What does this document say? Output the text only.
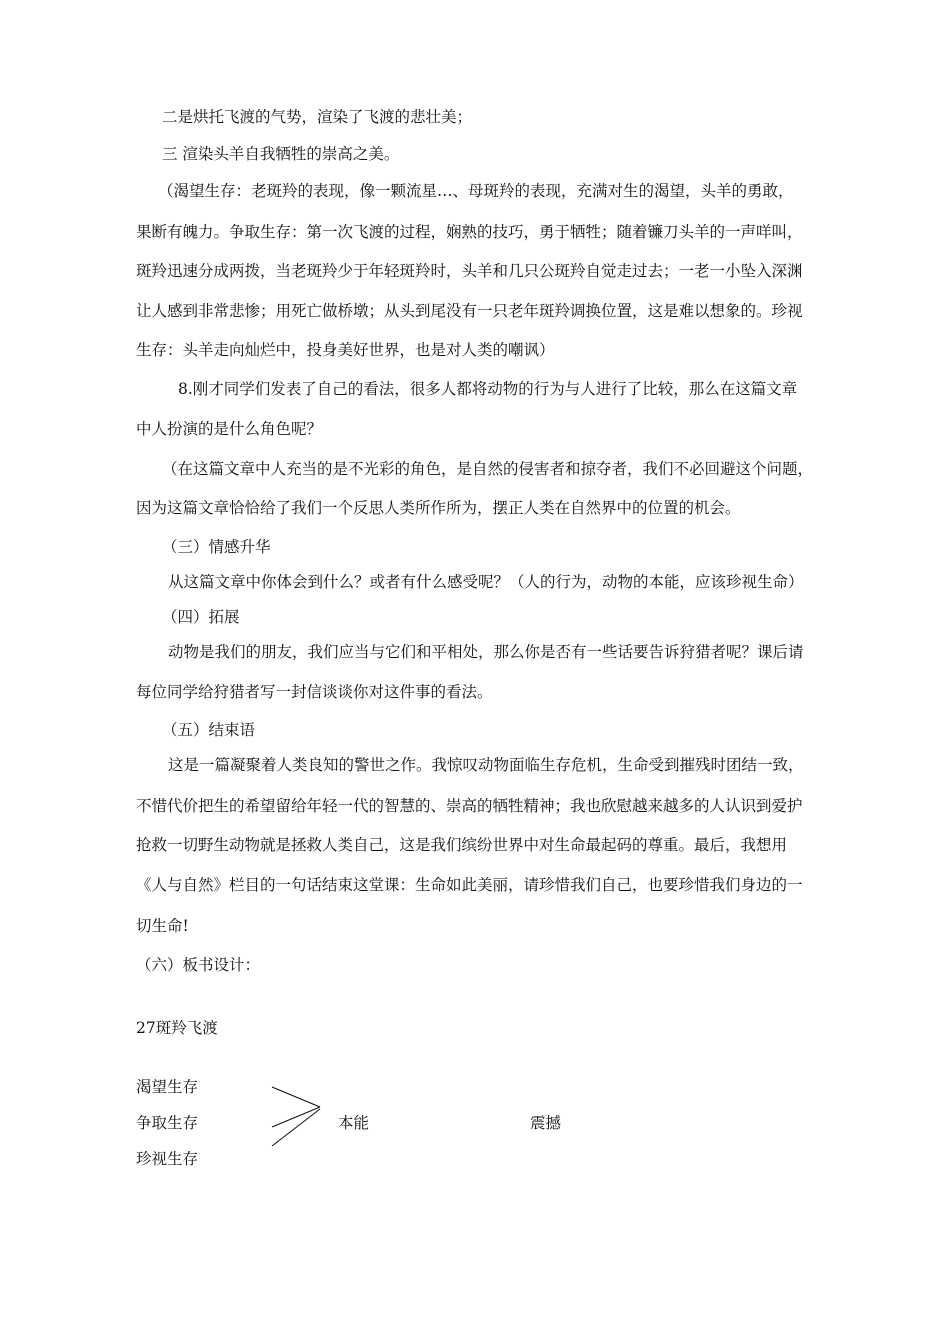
二是烘托飞渡的气势，渲染了飞渡的悲壮美；
三 渲染头羊自我牺牲的崇高之美。
（渴望生存：老斑羚的表现，像一颗流星…、母斑羚的表现，充满对生的渴望，头羊的勇敢，
果断有魄力。争取生存：第一次飞渡的过程，娴熟的技巧，勇于牺牲；随着镰刀头羊的一声咩叫，
斑羚迅速分成两拨，当老斑羚少于年轻斑羚时，头羊和几只公斑羚自觉走过去；一老一小坠入深渊
让人感到非常悲惨；用死亡做桥墩；从头到尾没有一只老年斑羚调换位置，这是难以想象的。珍视
生存：头羊走向灿烂中，投身美好世界，也是对人类的嘲讽）
8.刚才同学们发表了自己的看法，很多人都将动物的行为与人进行了比较，那么在这篇文章
中人扮演的是什么角色呢？
（在这篇文章中人充当的是不光彩的角色，是自然的侵害者和掠夺者，我们不必回避这个问题，
因为这篇文章恰恰给了我们一个反思人类所作所为，摆正人类在自然界中的位置的机会。
（三）情感升华
从这篇文章中你体会到什么？或者有什么感受呢？（人的行为，动物的本能，应该珍视生命）
（四）拓展
动物是我们的朋友，我们应当与它们和平相处，那么你是否有一些话要告诉狩猎者呢？课后请
每位同学给狩猎者写一封信谈谈你对这件事的看法。
（五）结束语
这是一篇凝聚着人类良知的警世之作。我惊叹动物面临生存危机，生命受到摧残时团结一致，
不惜代价把生的希望留给年轻一代的智慧的、崇高的牺牲精神；我也欣慰越来越多的人认识到爱护
抢救一切野生动物就是拯救人类自己，这是我们缤纷世界中对生命最起码的尊重。最后，我想用
《人与自然》栏目的一句话结束这堂课：生命如此美丽，请珍惜我们自己，也要珍惜我们身边的一
切生命!
（六）板书设计：
27斑羚飞渡
渴望生存
争取生存
珍视生存
本能	震撼
